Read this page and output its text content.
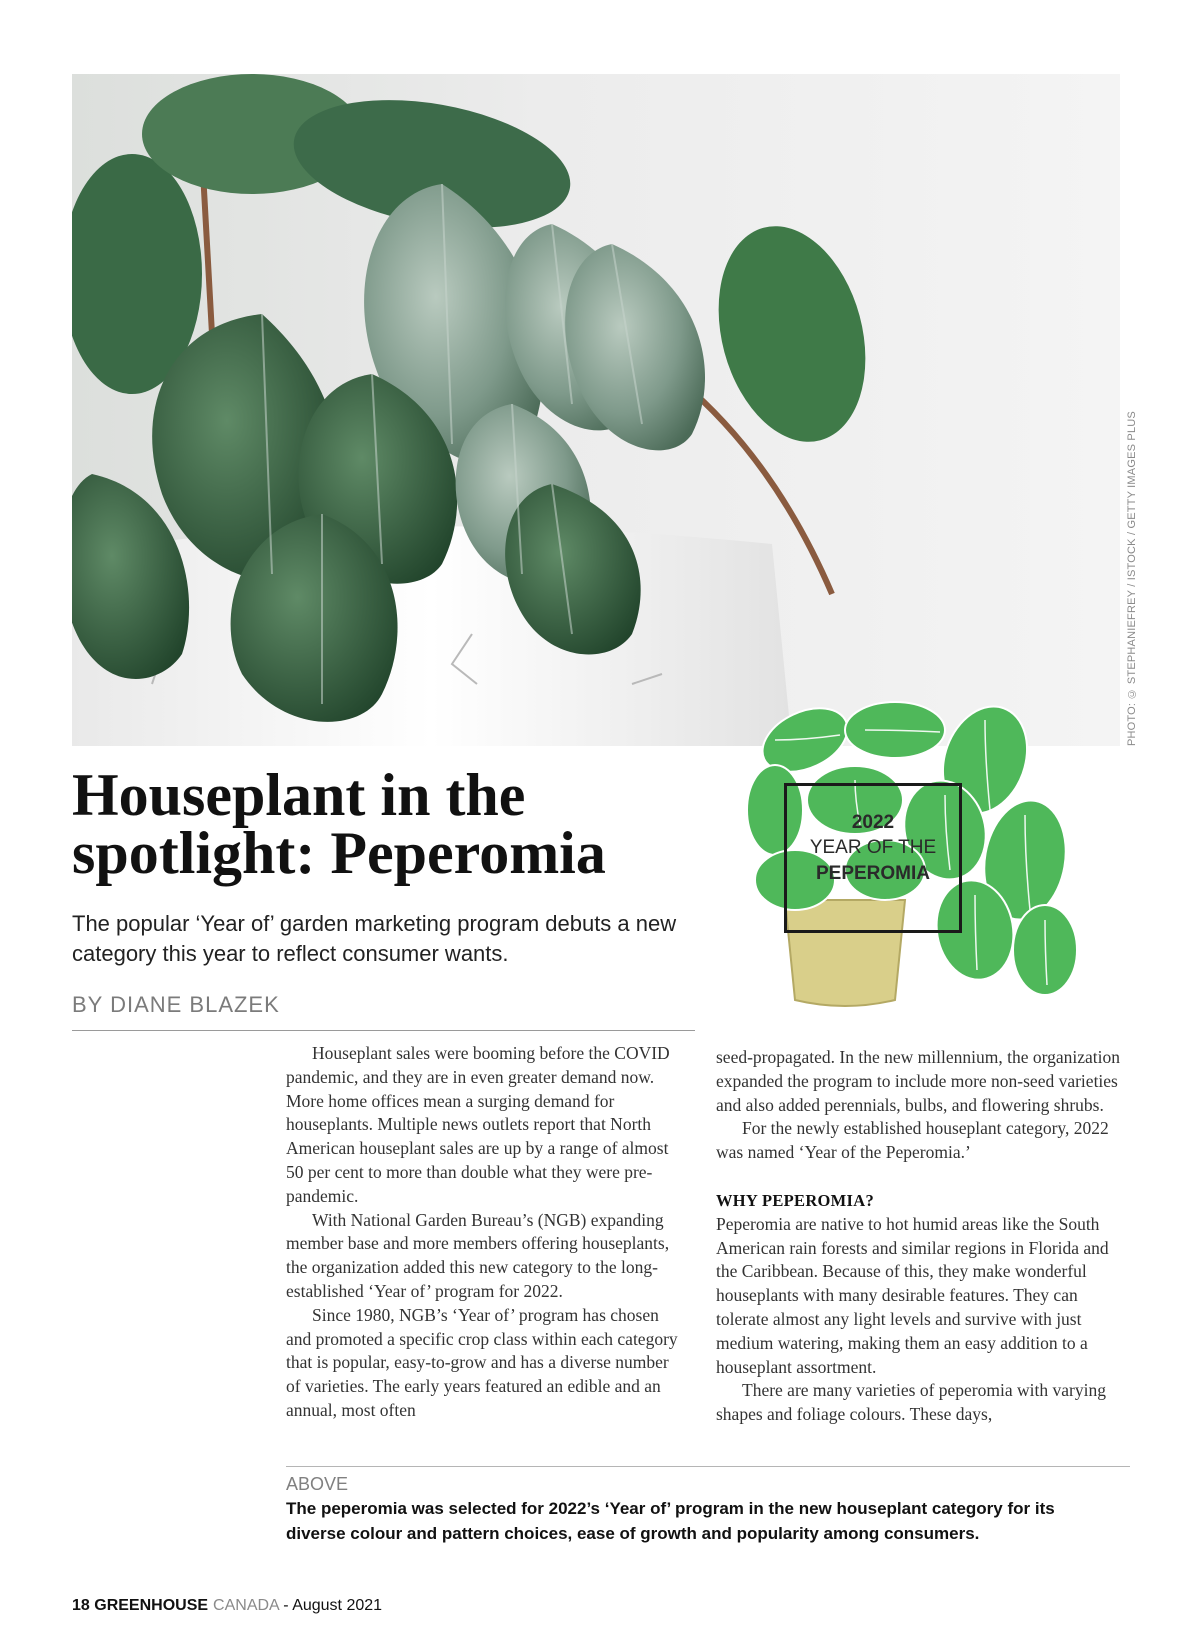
PHOTO: © STEPHANIEFREY / ISTOCK / GETTY IMAGES PLUS
2022
YEAR OF THE
PEPEROMIA
Houseplant in the spotlight: Peperomia

The popular ‘Year of’ garden marketing program debuts a new category this year to reflect consumer wants.

BY DIANE BLAZEK

Houseplant sales were booming before the COVID pandemic, and they are in even greater demand now. More home offices mean a surging demand for houseplants. Multiple news outlets report that North American houseplant sales are up by a range of almost 50 per cent to more than double what they were pre-pandemic.

With National Garden Bureau’s (NGB) expanding member base and more members offering houseplants, the organization added this new category to the long-established ‘Year of’ program for 2022.

Since 1980, NGB’s ‘Year of’ program has chosen and promoted a specific crop class within each category that is popular, easy-to-grow and has a diverse number of varieties. The early years featured an edible and an annual, most often

seed-propagated. In the new millennium, the organization expanded the program to include more non-seed varieties and also added perennials, bulbs, and flowering shrubs.

For the newly established houseplant category, 2022 was named ‘Year of the Peperomia.’

WHY PEPEROMIA?

Peperomia are native to hot humid areas like the South American rain forests and similar regions in Florida and the Caribbean. Because of this, they make wonderful houseplants with many desirable features. They can tolerate almost any light levels and survive with just medium watering, making them an easy addition to a houseplant assortment.

There are many varieties of peperomia with varying shapes and foliage colours. These days,

ABOVE

The peperomia was selected for 2022’s ‘Year of’ program in the new houseplant category for its diverse colour and pattern choices, ease of growth and popularity among consumers.

18 GREENHOUSE CANADA - August 2021
